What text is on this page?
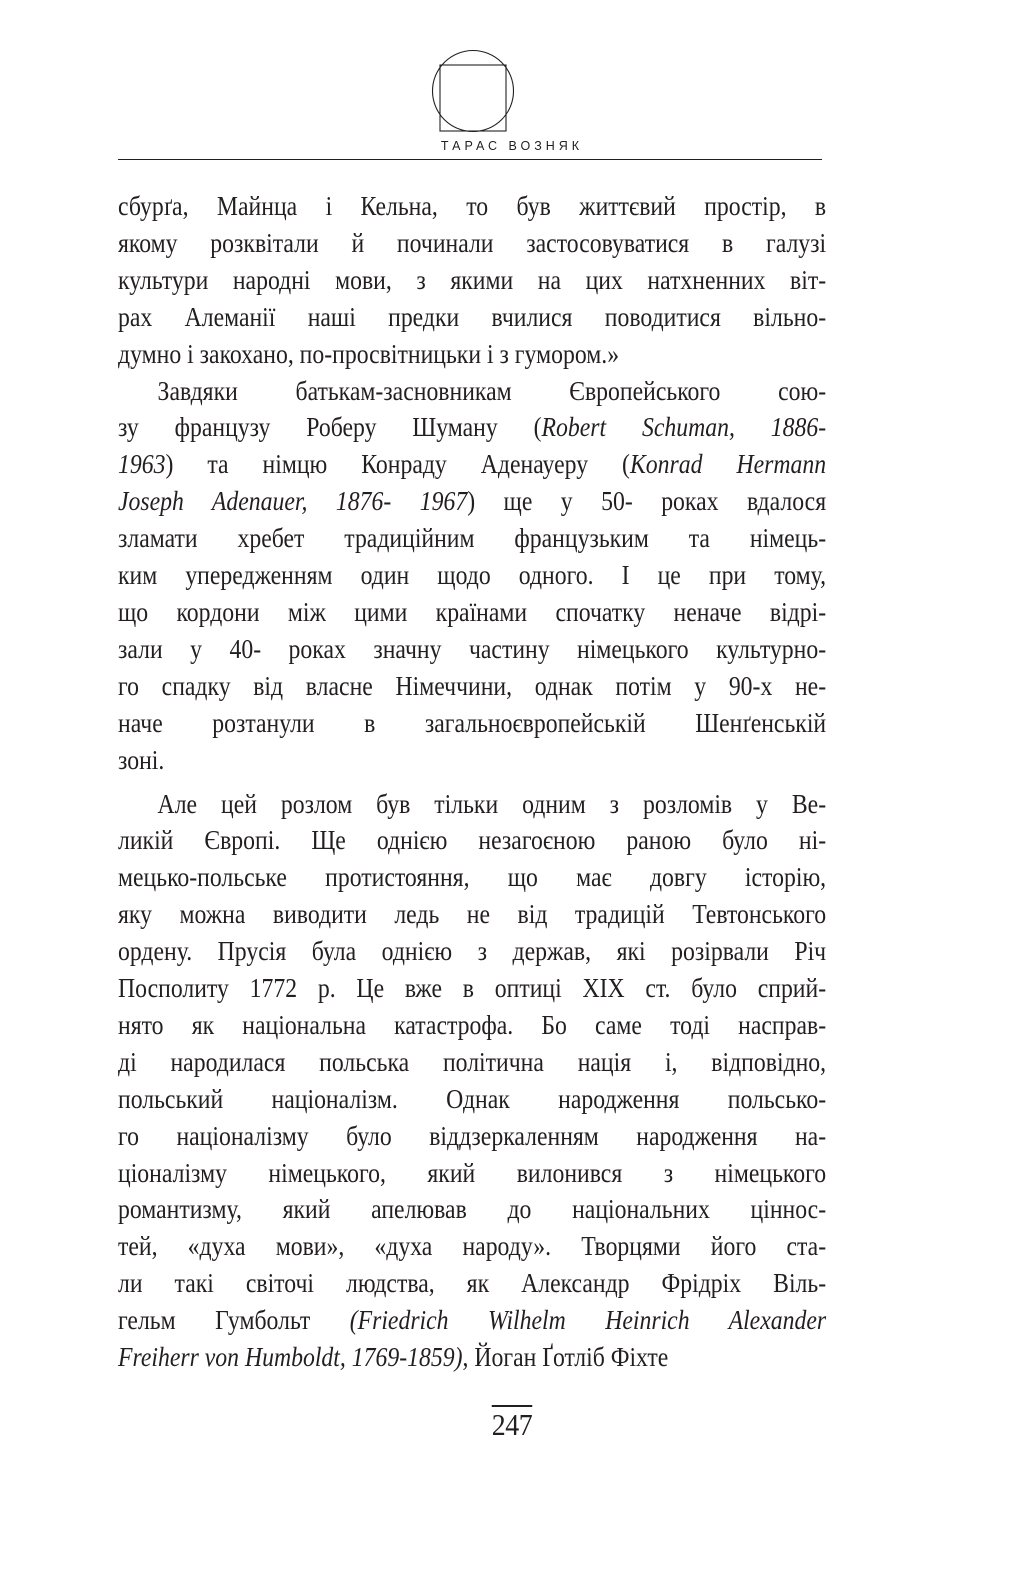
ТАРАС ВОЗНЯК
сбурґа, Майнца і Кельна, то був життєвий простір, в
якому розквітали й починали застосовуватися в галузі
культури народні мови, з якими на цих натхненних віт-
рах Алеманії наші предки вчилися поводитися вільно-
думно і закохано, по-просвітницьки і з гумором.»
Завдяки батькам-засновникам Європейського сою-
зу французу Роберу Шуману (Robert Schuman, 1886-
1963) та німцю Конраду Аденауеру (Konrad Hermann
Joseph Adenauer, 1876- 1967) ще у 50- роках вдалося
зламати хребет традиційним французьким та німець-
ким упередженням один щодо одного. І це при тому,
що кордони між цими країнами спочатку неначе відрі-
зали у 40- роках значну частину німецького культурно-
го спадку від власне Німеччини, однак потім у 90-х не-
наче розтанули в загальноєвропейській Шенґенській
зоні.
Але цей розлом був тільки одним з розломів у Ве-
ликій Європі. Ще однією незагоєною раною було ні-
мецько-польське протистояння, що має довгу історію,
яку можна виводити ледь не від традицій Тевтонського
ордену. Прусія була однією з держав, які розірвали Річ
Посполиту 1772 р. Це вже в оптиці XIX ст. було сприй-
нято як національна катастрофа. Бо саме тоді насправ-
ді народилася польська політична нація і, відповідно,
польський націоналізм. Однак народження польсько-
го націоналізму було віддзеркаленням народження на-
ціоналізму німецького, який вилонився з німецького
романтизму, який апелював до національних ціннос-
тей, «духа мови», «духа народу». Творцями його ста-
ли такі світочі людства, як Александр Фрідріх Віль-
гельм Гумбольт (Friedrich Wilhelm Heinrich Alexander
Freiherr von Humboldt, 1769-1859), Йоган Ґотліб Фіхте
247
